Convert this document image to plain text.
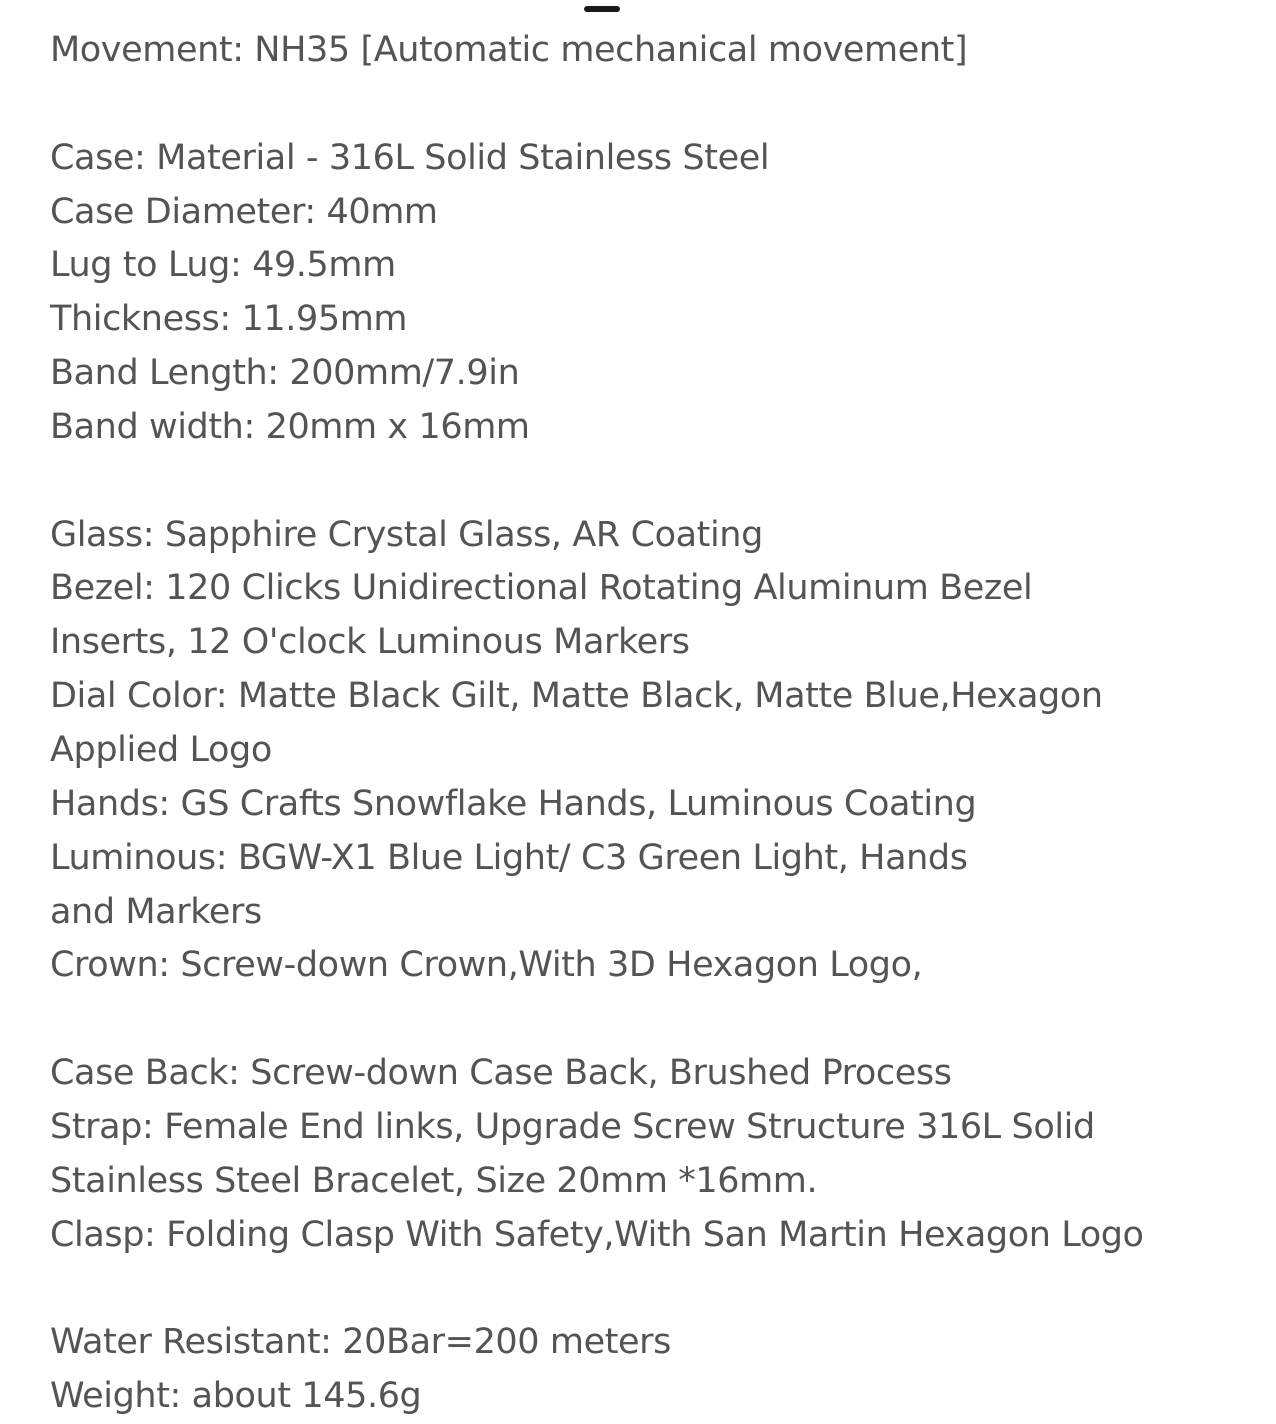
Movement: NH35 [Automatic mechanical movement]
Case: Material - 316L Solid Stainless Steel
Case Diameter: 40mm
Lug to Lug: 49.5mm
Thickness: 11.95mm
Band Length: 200mm/7.9in
Band width: 20mm x 16mm
Glass: Sapphire Crystal Glass, AR Coating
Bezel: 120 Clicks Unidirectional Rotating Aluminum Bezel
Inserts, 12 O'clock Luminous Markers
Dial Color: Matte Black Gilt, Matte Black, Matte Blue,Hexagon
Applied Logo
Hands: GS Crafts Snowflake Hands, Luminous Coating
Luminous: BGW-X1 Blue Light/ C3 Green Light, Hands
and Markers
Crown: Screw-down Crown,With 3D Hexagon Logo,
Case Back: Screw-down Case Back, Brushed Process
Strap: Female End links, Upgrade Screw Structure 316L Solid
Stainless Steel Bracelet, Size 20mm *16mm.
Clasp: Folding Clasp With Safety,With San Martin Hexagon Logo
Water Resistant: 20Bar=200 meters
Weight: about 145.6g
